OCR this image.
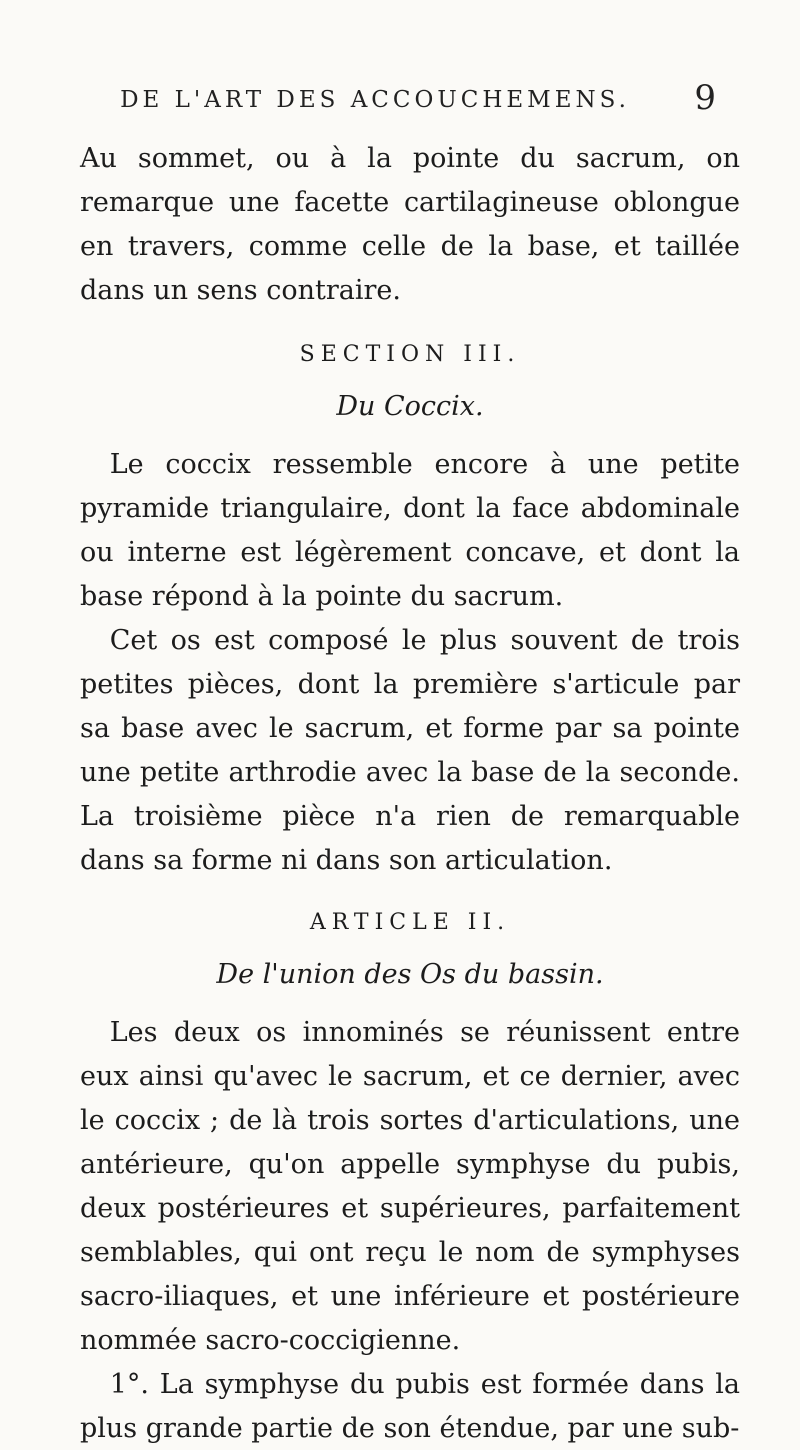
DE L'ART DES ACCOUCHEMENS.	9

Au sommet, ou à la pointe du sacrum, on remarque une facette cartilagineuse oblongue en travers, comme celle de la base, et taillée dans un sens contraire.

SECTION III.
Du Coccix.

Le coccix ressemble encore à une petite pyramide triangulaire, dont la face abdominale ou interne est légèrement concave, et dont la base répond à la pointe du sacrum.

Cet os est composé le plus souvent de trois petites pièces, dont la première s'articule par sa base avec le sacrum, et forme par sa pointe une petite arthrodie avec la base de la seconde. La troisième pièce n'a rien de remarquable dans sa forme ni dans son articulation.

ARTICLE II.
De l'union des Os du bassin.

Les deux os innominés se réunissent entre eux ainsi qu'avec le sacrum, et ce dernier, avec le coccix ; de là trois sortes d'articulations, une antérieure, qu'on appelle symphyse du pubis, deux postérieures et supérieures, parfaitement semblables, qui ont reçu le nom de symphyses sacro-iliaques, et une inférieure et postérieure nommée sacro-coccigienne.

1°. La symphyse du pubis est formée dans la plus grande partie de son étendue, par une sub-
